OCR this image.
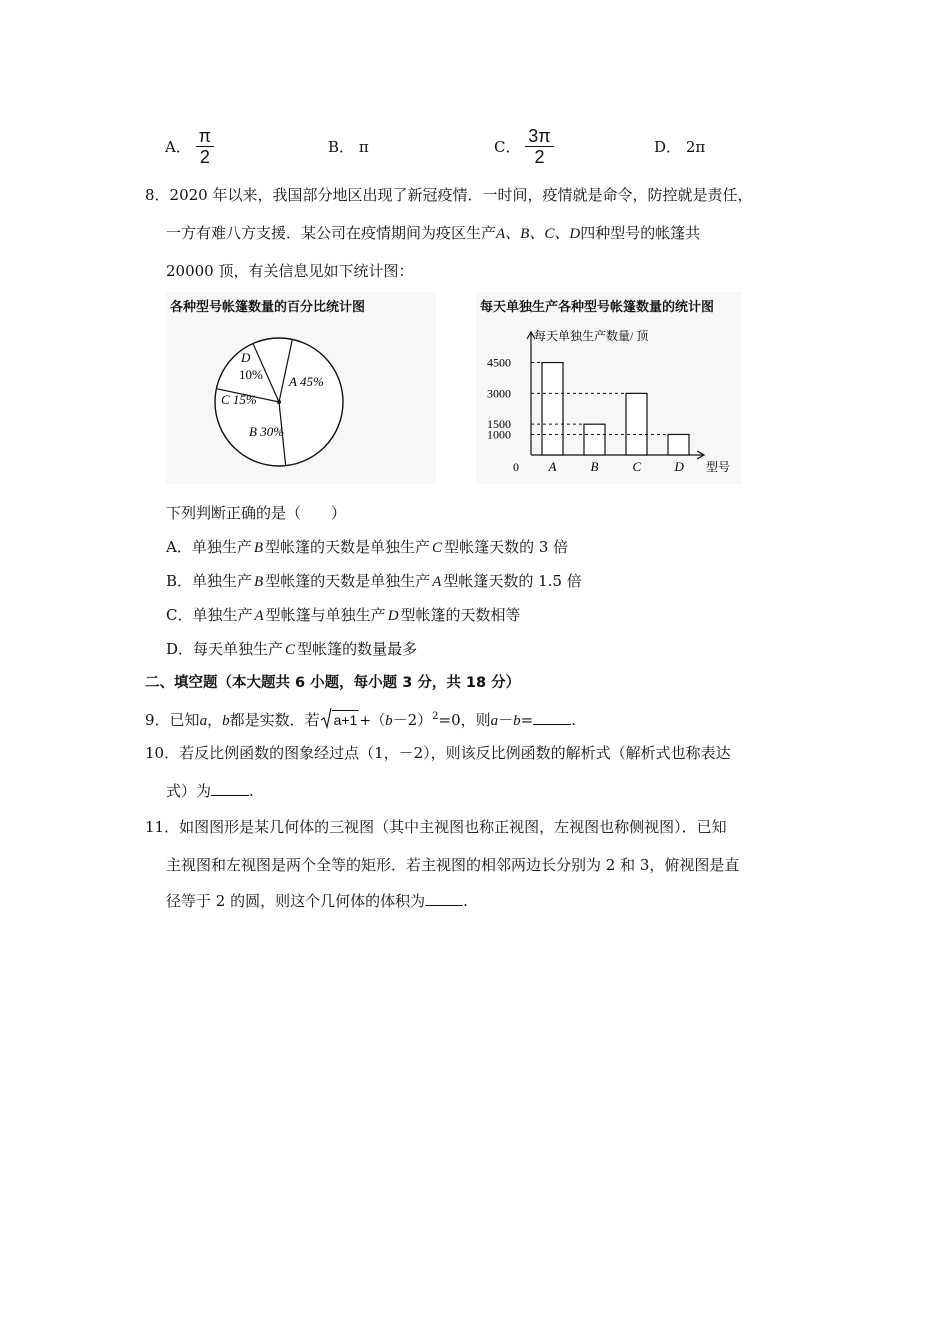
A． $\frac{\pi}{2}$	B． π	C． $\frac{3\pi}{2}$	D． 2π
8．2020 年以来，我国部分地区出现了新冠疫情．一时间，疫情就是命令，防控就是责任，
一方有难八方支援．某公司在疫情期间为疫区生产A、B、C、D四种型号的帐篷共
20000 顶，有关信息见如下统计图：
各种型号帐篷数量的百分比统计图
A 45%
B 30%
C 15%
D
10%
每天单独生产各种型号帐篷数量的统计图
每天单独生产数量/ 顶
型号
0 A	B	C	D
4500
3000
1500
1000
下列判断正确的是（　　）
A．单独生产 B 型帐篷的天数是单独生产 C 型帐篷天数的 3 倍
B．单独生产 B 型帐篷的天数是单独生产 A 型帐篷天数的 1.5 倍
C．单独生产 A 型帐篷与单独生产 D 型帐篷的天数相等
D．每天单独生产 C 型帐篷的数量最多
二、填空题（本大题共 6 小题，每小题 3 分，共 18 分）
9．已知a，b都是实数．若 $a+1 +(b-2)^2=0$，则a－b=	.
10．若反比例函数的图象经过点（1，－2），则该反比例函数的解析式（解析式也称表达
式）为	.
11．如图图形是某几何体的三视图（其中主视图也称正视图，左视图也称侧视图）．已知
主视图和左视图是两个全等的矩形．若主视图的相邻两边长分别为 2 和 3，俯视图是直
径等于 2 的圆，则这个几何体的体积为	.
